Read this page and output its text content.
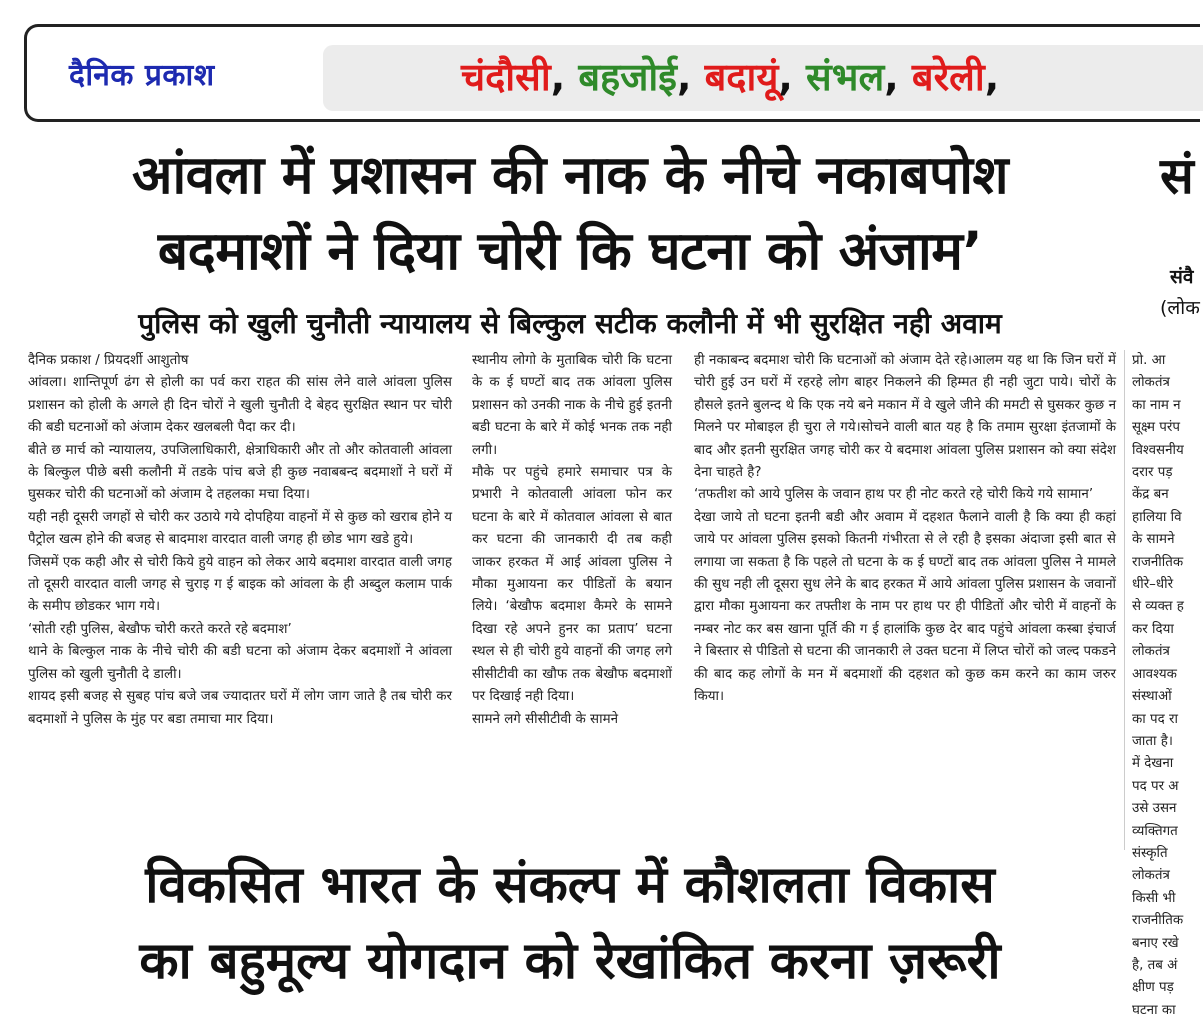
दैनिक प्रकाश	चंदौसी, बहजोई, बदायूं, संभल, बरेली,
आंवला में प्रशासन की नाक के नीचे नकाबपोश
बदमाशों ने दिया चोरी कि घटना को अंजाम’
पुलिस को खुली चुनौती न्यायालय से बिल्कुल सटीक कलौनी में भी सुरक्षित नही अवाम

दैनिक प्रकाश / प्रियदर्शी आशुतोष

आंवला। शान्तिपूर्ण ढंग से होली का पर्व करा राहत की सांस लेने वाले आंवला पुलिस प्रशासन को होली के अगले ही दिन चोरों ने खुली चुनौती दे बेहद सुरक्षित स्थान पर चोरी की बडी घटनाओं को अंजाम देकर खलबली पैदा कर दी।

बीते छ मार्च को न्यायालय, उपजिलाधिकारी, क्षेत्राधिकारी और तो और कोतवाली आंवला के बिल्कुल पीछे बसी कलौनी में तडके पांच बजे ही कुछ नवाबबन्द बदमाशों ने घरों में घुसकर चोरी की घटनाओं को अंजाम दे तहलका मचा दिया।

यही नही दूसरी जगहों से चोरी कर उठाये गये दोपहिया वाहनों में से कुछ को खराब होने य पैट्रोल खत्म होने की बजह से बादमाश वारदात वाली जगह ही छोड भाग खडे हुये।

जिसमें एक कही और से चोरी किये हुये वाहन को लेकर आये बदमाश वारदात वाली जगह तो दूसरी वारदात वाली जगह से चुराइ ग ई बाइक को आंवला के ही अब्दुल कलाम पार्क के समीप छोडकर भाग गये।

‘सोती रही पुलिस, बेखौफ चोरी करते करते रहे बदमाश’

थाने के बिल्कुल नाक के नीचे चोरी की बडी घटना को अंजाम देकर बदमाशों ने आंवला पुलिस को खुली चुनौती दे डाली।

शायद इसी बजह से सुबह पांच बजे जब ज्यादातर घरों में लोग जाग जाते है तब चोरी कर बदमाशों ने पुलिस के मुंह पर बडा तमाचा मार दिया।

स्थानीय लोगो के मुताबिक चोरी कि घटना के क ई घण्टों बाद तक आंवला पुलिस प्रशासन को उनकी नाक के नीचे हुई इतनी बडी घटना के बारे में कोई भनक तक नही लगी।

मौके पर पहुंचे हमारे समाचार पत्र के प्रभारी ने कोतवाली आंवला फोन कर घटना के बारे में कोतवाल आंवला से बात कर घटना की जानकारी दी तब कही जाकर हरकत में आई आंवला पुलिस ने मौका मुआयना कर पीडितों के बयान लिये। ‘बेखौफ बदमाश कैमरे के सामने दिखा रहे अपने हुनर का प्रताप’ घटना स्थल से ही चोरी हुये वाहनों की जगह लगे सीसीटीवी का खौफ तक बेखौफ बदमाशों पर दिखाई नही दिया।

सामने लगे सीसीटीवी के सामने

ही नकाबन्द बदमाश चोरी कि घटनाओं को अंजाम देते रहे।आलम यह था कि जिन घरों में चोरी हुई उन घरों में रहरहे लोग बाहर निकलने की हिम्मत ही नही जुटा पाये। चोरों के हौसले इतने बुलन्द थे कि एक नये बने मकान में वे खुले जीने की ममटी से घुसकर कुछ न मिलने पर मोबाइल ही चुरा ले गये।सोचने वाली बात यह है कि तमाम सुरक्षा इंतजामों के बाद और इतनी सुरक्षित जगह चोरी कर ये बदमाश आंवला पुलिस प्रशासन को क्या संदेश देना चाहते है?

‘तफतीश को आये पुलिस के जवान हाथ पर ही नोट करते रहे चोरी किये गये सामान’

देखा जाये तो घटना इतनी बडी और अवाम में दहशत फैलाने वाली है कि क्या ही कहां जाये पर आंवला पुलिस इसको कितनी गंभीरता से ले रही है इसका अंदाजा इसी बात से लगाया जा सकता है कि पहले तो घटना के क ई घण्टों बाद तक आंवला पुलिस ने मामले की सुध नही ली दूसरा सुध लेने के बाद हरकत में आये आंवला पुलिस प्रशासन के जवानों द्वारा मौका मुआयना कर तफ्तीश के नाम पर हाथ पर ही पीडितों और चोरी में वाहनों के नम्बर नोट कर बस खाना पूर्ति की ग ई हालांकि कुछ देर बाद पहुंचे आंवला कस्बा इंचार्ज ने बिस्तार से पीडितो से घटना की जानकारी ले उक्त घटना में लिप्त चोरों को जल्द पकडने की बाद कह लोगों के मन में बदमाशों की दहशत को कुछ कम करने का काम जरुर किया।

सं
संवै
(लोक

प्रो. आ

लोकतंत्र

का नाम न

सूक्ष्म परंप

विश्वसनीय

दरार पड़

केंद्र बन

हालिया वि

के सामने

राजनीतिक

धीरे–धीरे

से व्यक्त ह

कर दिया

लोकतंत्र

आवश्यक

संस्थाओं

का पद रा

जाता है।

में देखना

पद पर अ

उसे उसन

व्यक्तिगत

संस्कृति

लोकतंत्र

किसी भी

राजनीतिक

बनाए रखे

है, तब अं

क्षीण पड़

घटना का

विकसित भारत के संकल्प में कौशलता विकास
का बहुमूल्य योगदान को रेखांकित करना ज़रूरी
